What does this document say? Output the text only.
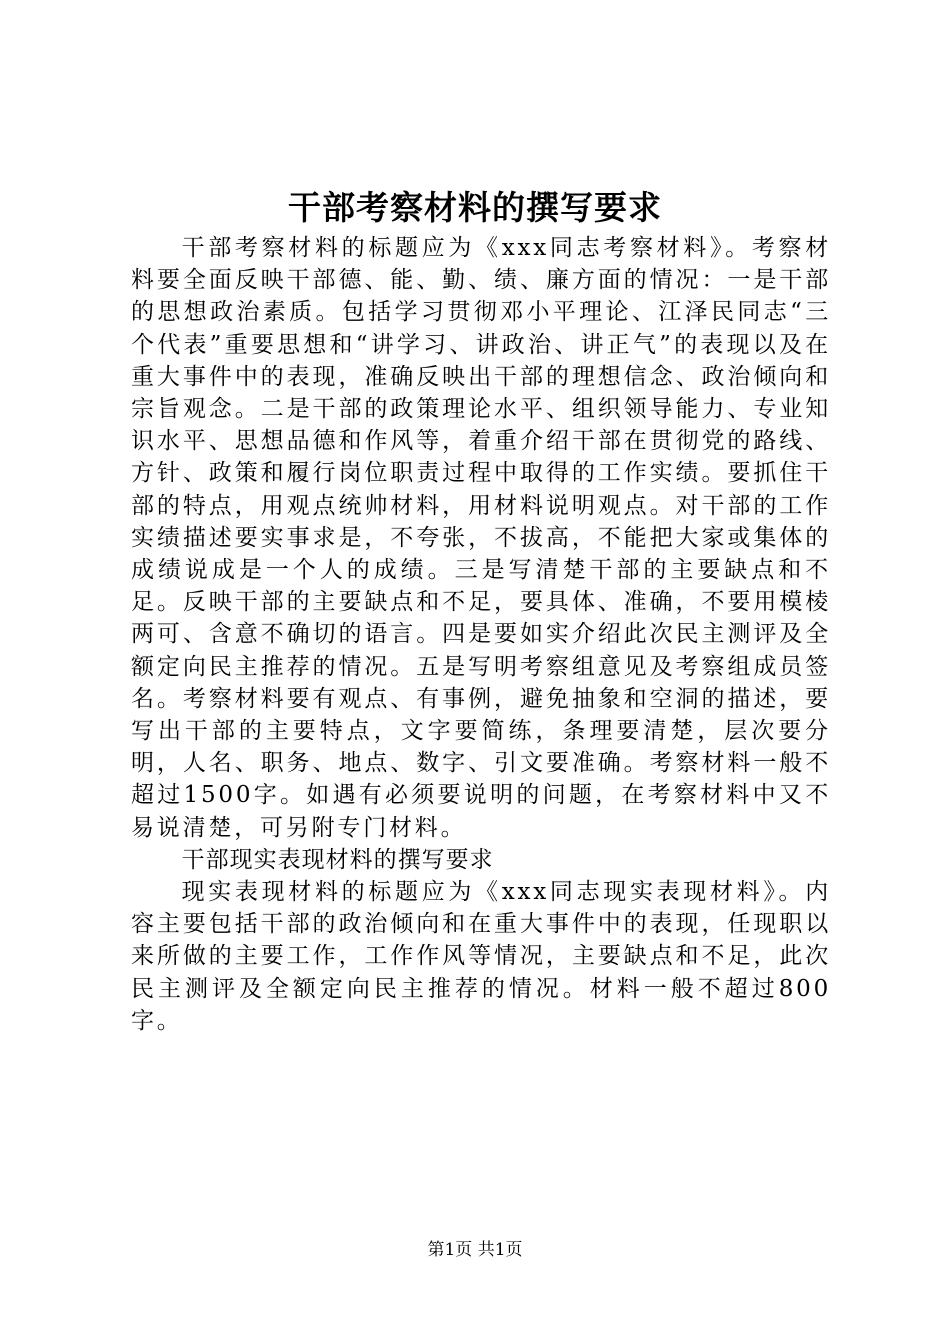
干部考察材料的撰写要求

干部考察材料的标题应为《xxx同志考察材料》。考察材料要全面反映干部德、能、勤、绩、廉方面的情况：一是干部的思想政治素质。包括学习贯彻邓小平理论、江泽民同志“三个代表”重要思想和“讲学习、讲政治、讲正气”的表现以及在重大事件中的表现，准确反映出干部的理想信念、政治倾向和宗旨观念。二是干部的政策理论水平、组织领导能力、专业知识水平、思想品德和作风等，着重介绍干部在贯彻党的路线、方针、政策和履行岗位职责过程中取得的工作实绩。要抓住干部的特点，用观点统帅材料，用材料说明观点。对干部的工作实绩描述要实事求是，不夸张，不拔高，不能把大家或集体的成绩说成是一个人的成绩。三是写清楚干部的主要缺点和不足。反映干部的主要缺点和不足，要具体、准确，不要用模棱两可、含意不确切的语言。四是要如实介绍此次民主测评及全额定向民主推荐的情况。五是写明考察组意见及考察组成员签名。考察材料要有观点、有事例，避免抽象和空洞的描述，要写出干部的主要特点，文字要简练，条理要清楚，层次要分明，人名、职务、地点、数字、引文要准确。考察材料一般不超过1500字。如遇有必须要说明的问题，在考察材料中又不易说清楚，可另附专门材料。

干部现实表现材料的撰写要求

现实表现材料的标题应为《xxx同志现实表现材料》。内容主要包括干部的政治倾向和在重大事件中的表现，任现职以来所做的主要工作，工作作风等情况，主要缺点和不足，此次民主测评及全额定向民主推荐的情况。材料一般不超过800字。

第1页 共1页
